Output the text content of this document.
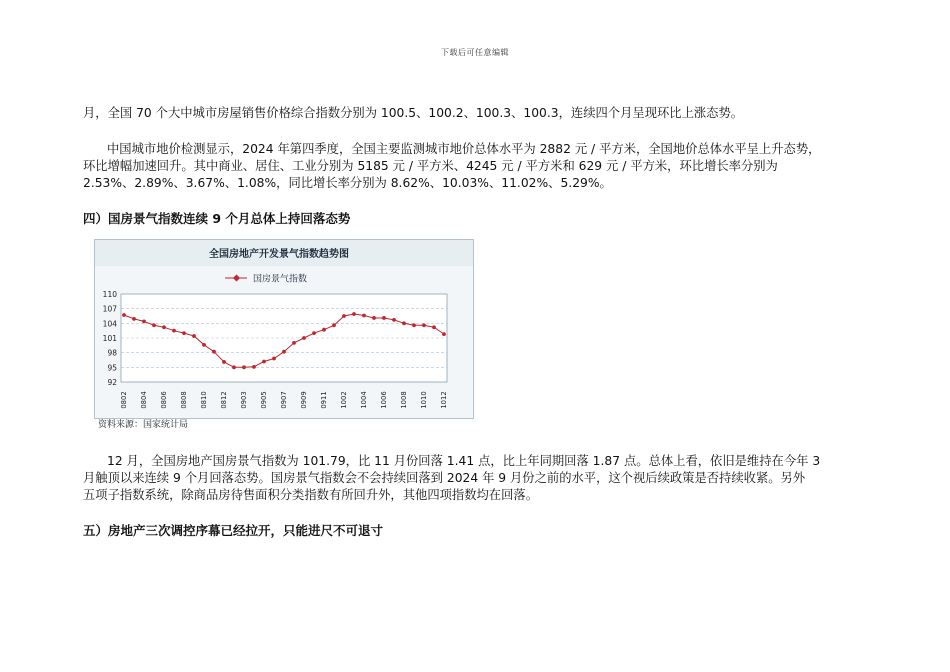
下载后可任意编辑

月，全国 70 个大中城市房屋销售价格综合指数分别为 100.5、100.2、100.3、100.3，连续四个月呈现环比上涨态势。

中国城市地价检测显示，2024 年第四季度，全国主要监测城市地价总体水平为 2882 元 / 平方米，全国地价总体水平呈上升态势，
环比增幅加速回升。其中商业、居住、工业分别为 5185 元 / 平方米、4245 元 / 平方米和 629 元 / 平方米，环比增长率分别为
2.53%、2.89%、3.67%、1.08%，同比增长率分别为 8.62%、10.03%、11.02%、5.29%。

四）国房景气指数连续 9 个月总体上持回落态势
全国房地产开发景气指数趋势图
国房景气指数
92
95
98
101
104
107
110
0802 0804 0806 0808 0810 0812 0903 0905 0907 0909 0911 1002 1004 1006 1008 1010 1012
资料来源：国家统计局

12 月，全国房地产国房景气指数为 101.79，比 11 月份回落 1.41 点，比上年同期回落 1.87 点。总体上看，依旧是维持在今年 3
月触顶以来连续 9 个月回落态势。国房景气指数会不会持续回落到 2024 年 9 月份之前的水平，这个视后续政策是否持续收紧。另外
五项子指数系统，除商品房待售面积分类指数有所回升外，其他四项指数均在回落。

五）房地产三次调控序幕已经拉开，只能进尺不可退寸
